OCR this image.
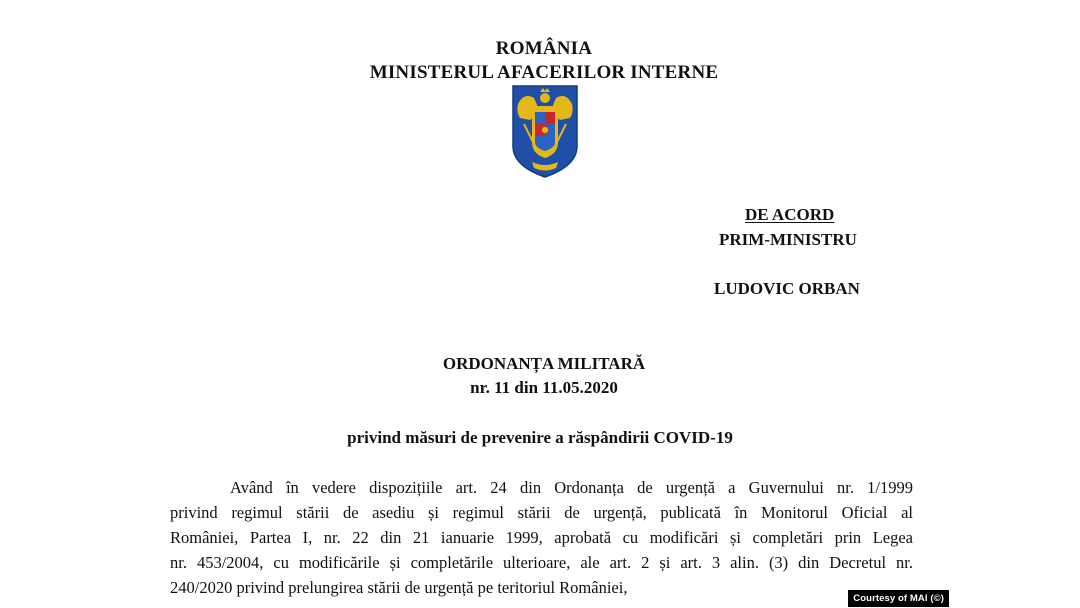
ROMÂNIA
MINISTERUL AFACERILOR INTERNE
DE ACORD
PRIM-MINISTRU
LUDOVIC ORBAN
ORDONANȚA MILITARĂ
nr. 11 din 11.05.2020
privind măsuri de prevenire a răspândirii COVID-19
Având în vedere dispozițiile art. 24 din Ordonanța de urgență a Guvernului nr. 1/1999
privind regimul stării de asediu și regimul stării de urgență, publicată în Monitorul Oficial al
României, Partea I, nr. 22 din 21 ianuarie 1999, aprobată cu modificări și completări prin Legea
nr. 453/2004, cu modificările și completările ulterioare, ale art. 2 și art. 3 alin. (3) din Decretul nr.
240/2020 privind prelungirea stării de urgență pe teritoriul României,
Courtesy of MAI (©)
